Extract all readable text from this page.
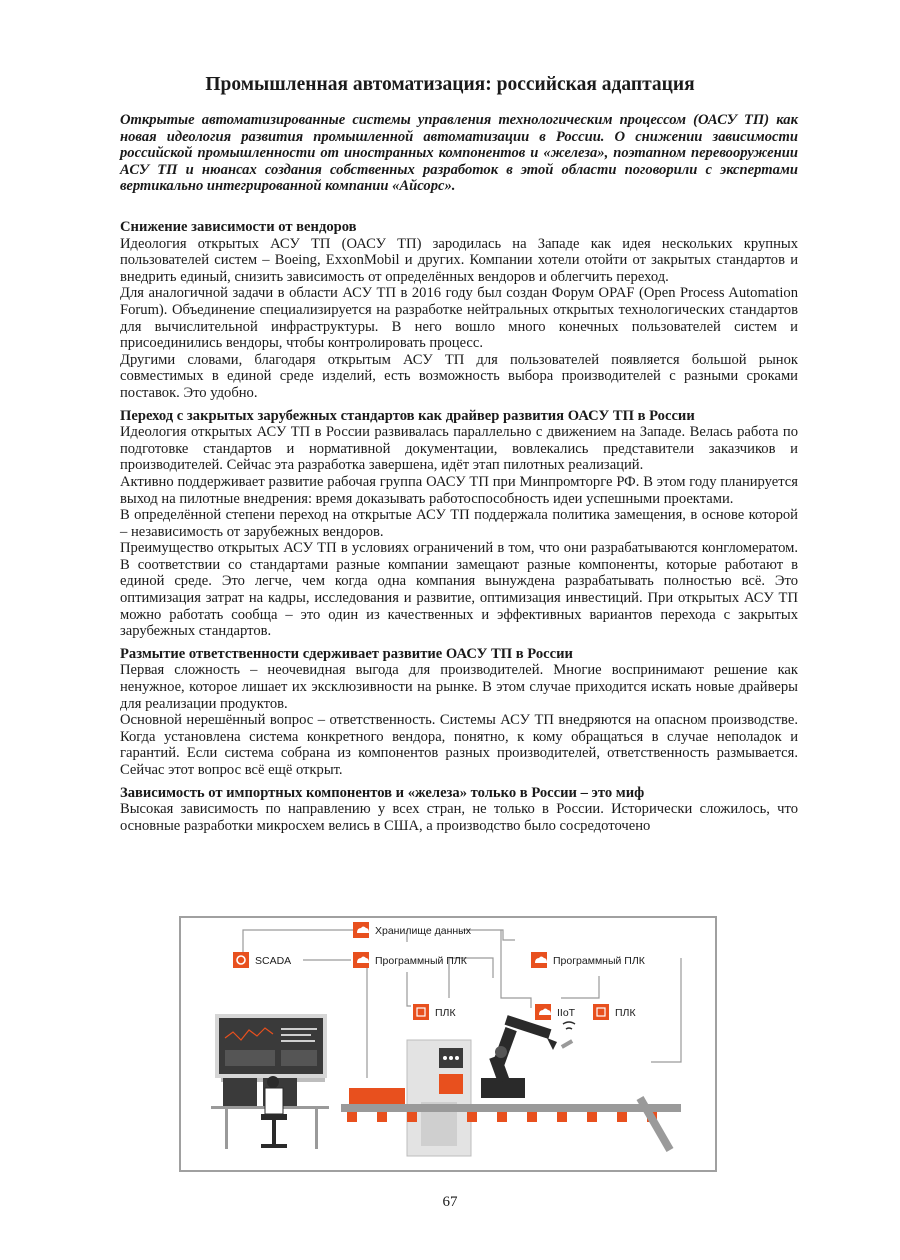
Промышленная автоматизация: российская адаптация
Открытые автоматизированные системы управления технологическим процессом (ОАСУ ТП) как новая идеология развития промышленной автоматизации в России. О снижении зависимости российской промышленности от иностранных компонентов и «железа», поэтапном перевооружении АСУ ТП и нюансах создания собственных разработок в этой области поговорили с экспертами вертикально интегрированной компании «Айсорс».
Снижение зависимости от вендоров

Идеология открытых АСУ ТП (ОАСУ ТП) зародилась на Западе как идея нескольких крупных пользователей систем – Boeing, ExxonMobil и других. Компании хотели отойти от закрытых стандартов и внедрить единый, снизить зависимость от определённых вендоров и облегчить переход.

Для аналогичной задачи в области АСУ ТП в 2016 году был создан Форум OPAF (Open Process Automation Forum). Объединение специализируется на разработке нейтральных открытых технологических стандартов для вычислительной инфраструктуры. В него вошло много конечных пользователей систем и присоединились вендоры, чтобы контролировать процесс.

Другими словами, благодаря открытым АСУ ТП для пользователей появляется большой рынок совместимых в единой среде изделий, есть возможность выбора производителей с разными сроками поставок. Это удобно.

Переход с закрытых зарубежных стандартов как драйвер развития ОАСУ ТП в России

Идеология открытых АСУ ТП в России развивалась параллельно с движением на Западе. Велась работа по подготовке стандартов и нормативной документации, вовлекались представители заказчиков и производителей. Сейчас эта разработка завершена, идёт этап пилотных реализаций.

Активно поддерживает развитие рабочая группа ОАСУ ТП при Минпромторге РФ. В этом году планируется выход на пилотные внедрения: время доказывать работоспособность идеи успешными проектами.

В определённой степени переход на открытые АСУ ТП поддержала политика замещения, в основе которой – независимость от зарубежных вендоров.

Преимущество открытых АСУ ТП в условиях ограничений в том, что они разрабатываются конгломератом. В соответствии со стандартами разные компании замещают разные компоненты, которые работают в единой среде. Это легче, чем когда одна компания вынуждена разрабатывать полностью всё. Это оптимизация затрат на кадры, исследования и развитие, оптимизация инвестиций. При открытых АСУ ТП можно работать сообща – это один из качественных и эффективных вариантов перехода с закрытых зарубежных стандартов.

Размытие ответственности сдерживает развитие ОАСУ ТП в России

Первая сложность – неочевидная выгода для производителей. Многие воспринимают решение как ненужное, которое лишает их эксклюзивности на рынке. В этом случае приходится искать новые драйверы для реализации продуктов.

Основной нерешённый вопрос – ответственность. Системы АСУ ТП внедряются на опасном производстве. Когда установлена система конкретного вендора, понятно, к кому обращаться в случае неполадок и гарантий. Если система собрана из компонентов разных производителей, ответственность размывается. Сейчас этот вопрос всё ещё открыт.

Зависимость от импортных компонентов и «железа» только в России – это миф

Высокая зависимость по направлению у всех стран, не только в России. Исторически сложилось, что основные разработки микросхем велись в США, а производство было сосредоточено

Хранилище данных
SCADA	Программный ПЛК	Программный ПЛК
ПЛК	IIoT	ПЛК
67
